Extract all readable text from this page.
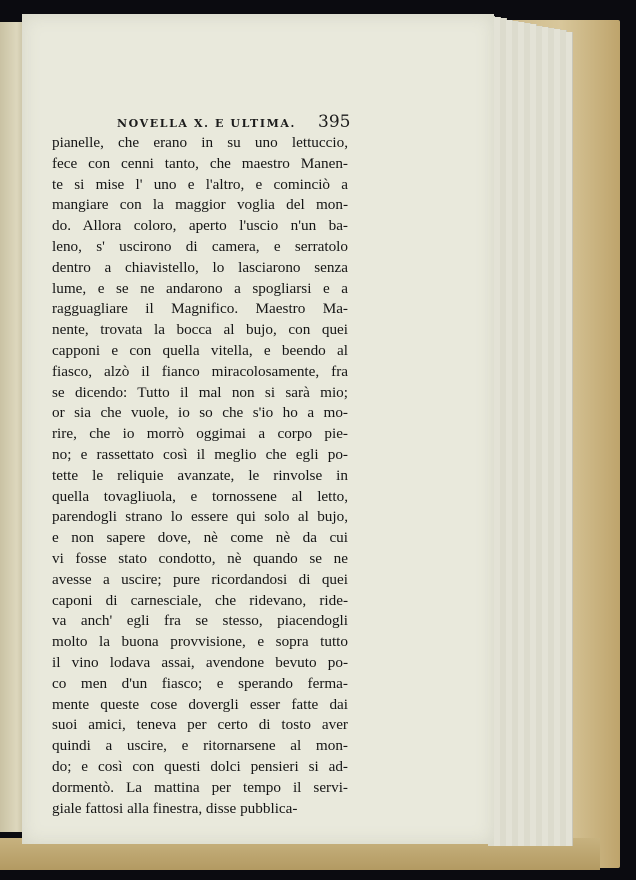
NOVELLA X. E ULTIMA.	395
pianelle, che erano in su uno lettuccio,
fece con cenni tanto, che maestro Manen-
te si mise l' uno e l'altro, e cominciò a
mangiare con la maggior voglia del mon-
do. Allora coloro, aperto l'uscio n'un ba-
leno, s' uscirono di camera, e serratolo
dentro a chiavistello, lo lasciarono senza
lume, e se ne andarono a spogliarsi e a
ragguagliare il Magnifico. Maestro Ma-
nente, trovata la bocca al bujo, con quei
capponi e con quella vitella, e beendo al
fiasco, alzò il fianco miracolosamente, fra
se dicendo: Tutto il mal non si sarà mio;
or sia che vuole, io so che s'io ho a mo-
rire, che io morrò oggimai a corpo pie-
no; e rassettato così il meglio che egli po-
tette le reliquie avanzate, le rinvolse in
quella tovagliuola, e tornossene al letto,
parendogli strano lo essere qui solo al bujo,
e non sapere dove, nè come nè da cui
vi fosse stato condotto, nè quando se ne
avesse a uscire; pure ricordandosi di quei
caponi di carnesciale, che ridevano, ride-
va anch' egli fra se stesso, piacendogli
molto la buona provvisione, e sopra tutto
il vino lodava assai, avendone bevuto po-
co men d'un fiasco; e sperando ferma-
mente queste cose dovergli esser fatte dai
suoi amici, teneva per certo di tosto aver
quindi a uscire, e ritornarsene al mon-
do; e così con questi dolci pensieri si ad-
dormentò. La mattina per tempo il servi-
giale fattosi alla finestra, disse pubblica-
